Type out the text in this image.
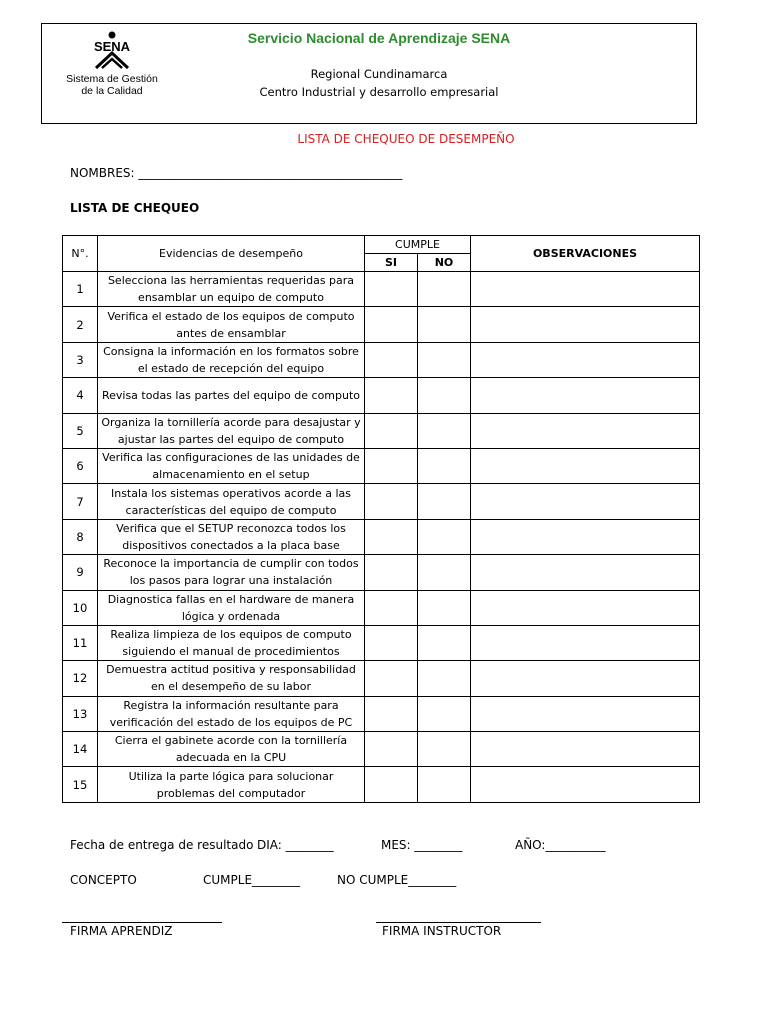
SENA
Sistema de Gestión de la Calidad
Servicio Nacional de Aprendizaje SENA
Regional Cundinamarca
Centro Industrial y desarrollo empresarial
LISTA DE CHEQUEO DE DESEMPEÑO
NOMBRES: ____________________________________________
LISTA DE CHEQUEO
N°.	Evidencias de desempeño	CUMPLE		OBSERVACIONES
		SI	NO	
1	Selecciona las herramientas requeridas para ensamblar un equipo de computo			
2	Verifica el estado de los equipos de computo antes de ensamblar			
3	Consigna la información en los formatos sobre el estado de recepción del equipo			
4	Revisa todas las partes del equipo de computo			
5	Organiza la tornillería acorde para desajustar y ajustar las partes del equipo de computo			
6	Verifica las configuraciones de las unidades de almacenamiento en el setup			
7	Instala los sistemas operativos acorde a las características del equipo de computo			
8	Verifica que el SETUP reconozca todos los dispositivos conectados a la placa base			
9	Reconoce la importancia de cumplir con todos los pasos para lograr una instalación			
10	Diagnostica fallas en el hardware de manera lógica y ordenada			
11	Realiza limpieza de los equipos de computo siguiendo el manual de procedimientos			
12	Demuestra actitud positiva y responsabilidad en el desempeño de su labor			
13	Registra la información resultante para verificación del estado de los equipos de PC			
14	Cierra el gabinete acorde con la tornillería adecuada en la CPU			
15	Utiliza la parte lógica para solucionar problemas del computador			
Fecha de entrega de resultado DIA: ________	MES: ________	AÑO:__________
CONCEPTO	CUMPLE________	NO CUMPLE________
FIRMA APRENDIZ	FIRMA INSTRUCTOR
